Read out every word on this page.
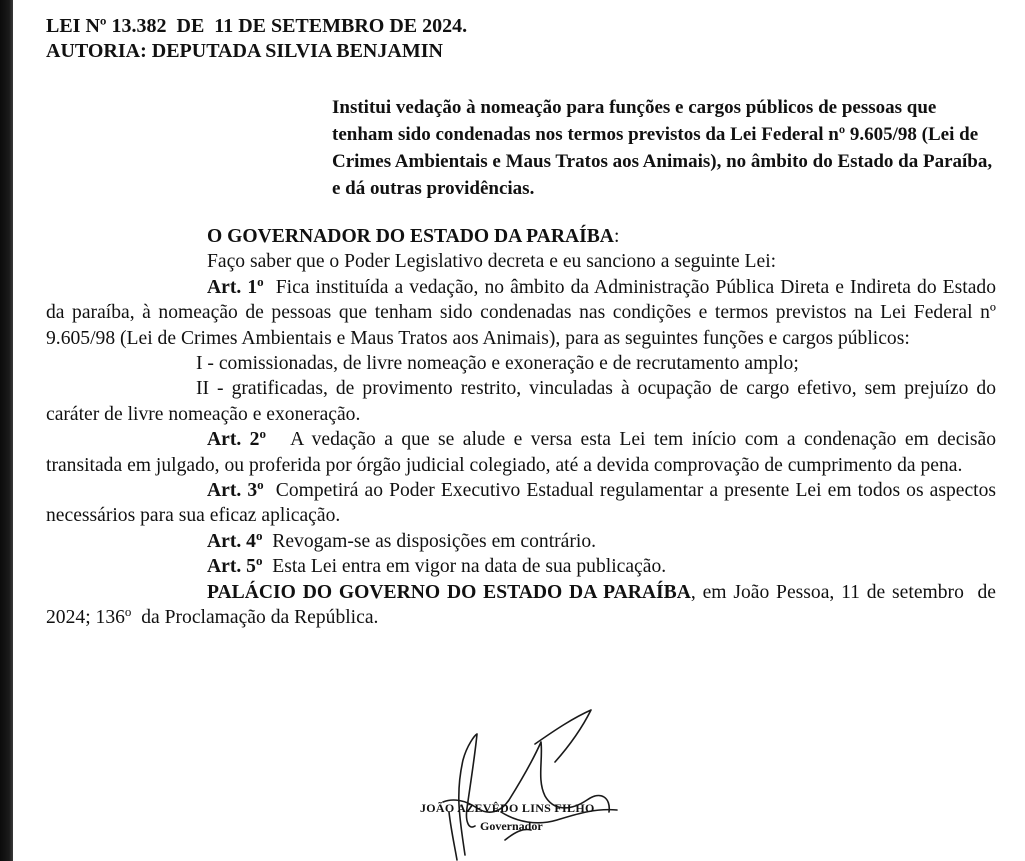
LEI Nº 13.382  DE  11 DE SETEMBRO DE 2024.
AUTORIA: DEPUTADA SILVIA BENJAMIN
Institui vedação à nomeação para funções e cargos públicos de pessoas que tenham sido condenadas nos termos previstos da Lei Federal nº 9.605/98 (Lei de Crimes Ambientais e Maus Tratos aos Animais), no âmbito do Estado da Paraíba, e dá outras providências.

O GOVERNADOR DO ESTADO DA PARAÍBA:

Faço saber que o Poder Legislativo decreta e eu sanciono a seguinte Lei:

Art. 1$^o$ Fica instituída a vedação, no âmbito da Administração Pública Direta e Indireta do Estado da paraíba, à nomeação de pessoas que tenham sido condenadas nas condições e termos previstos na Lei Federal nº 9.605/98 (Lei de Crimes Ambientais e Maus Tratos aos Animais), para as seguintes funções e cargos públicos:

I - comissionadas, de livre nomeação e exoneração e de recrutamento amplo;

II - gratificadas, de provimento restrito, vinculadas à ocupação de cargo efetivo, sem prejuízo do caráter de livre nomeação e exoneração.

Art. 2$^o$ A vedação a que se alude e versa esta Lei tem início com a condenação em decisão transitada em julgado, ou proferida por órgão judicial colegiado, até a devida comprovação de cumprimento da pena.

Art. 3$^o$ Competirá ao Poder Executivo Estadual regulamentar a presente Lei em todos os aspectos necessários para sua eficaz aplicação.

Art. 4$^o$ Revogam-se as disposições em contrário.

Art. 5$^o$ Esta Lei entra em vigor na data de sua publicação.

PALÁCIO DO GOVERNO DO ESTADO DA PARAÍBA, em João Pessoa, 11 de setembro  de  2024; 136$^o$  da Proclamação da República.

JOÃO AZEVÊDO LINS FILHO
Governador
